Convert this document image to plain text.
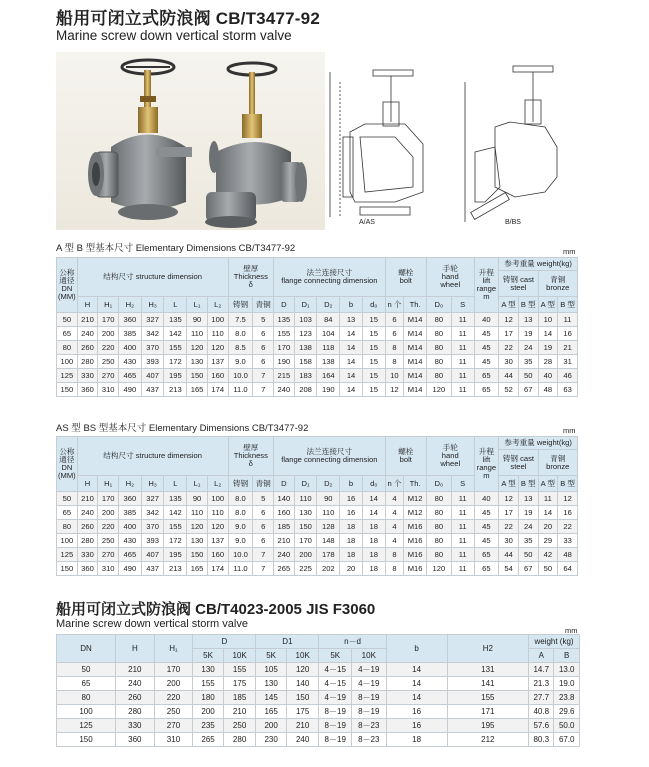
船用可闭立式防浪阀 CB/T3477-92
Marine screw down vertical storm valve
A/AS	B/BS
A 型 B 型基本尺寸 Elementary Dimensions CB/T3477-92	mm
公称
通径
DN
(MM)	结构尺寸 structure dimension							壁厚
Thickness
δ		法兰连接尺寸
flange connecting dimension					螺栓
bolt		手轮
hand
wheel		升程
lift
range
m	参考重量 weight(kg)			
																				铸钢 cast
steel		青铜
bronze	
	H	H₁	H₂	H₃	L	L₁	L₂	铸钢	青铜	D	D₁	D₂	b	d₀	n 个	Th.	D₀	S		A 型	B 型	A 型	B 型
50	210	170	360	327	135	90	100	7.5	5	135	103	84	13	15	6	M14	80	11	40	12	13	10	11
65	240	200	385	342	142	110	110	8.0	6	155	123	104	14	15	6	M14	80	11	45	17	19	14	16
80	260	220	400	370	155	120	120	8.5	6	170	138	118	14	15	8	M14	80	11	45	22	24	19	21
100	280	250	430	393	172	130	137	9.0	6	190	158	138	14	15	8	M14	80	11	45	30	35	28	31
125	330	270	465	407	195	150	160	10.0	7	215	183	164	14	15	10	M14	80	11	65	44	50	40	46
150	360	310	490	437	213	165	174	11.0	7	240	208	190	14	15	12	M14	120	11	65	52	67	48	63
AS 型 BS 型基本尺寸 Elementary Dimensions CB/T3477-92	mm
公称
通径
DN
(MM)	结构尺寸 structure dimension							壁厚
Thickness
δ		法兰连接尺寸
flange connecting dimension					螺栓
bolt		手轮
hand
wheel		升程
lift
range
m	参考重量 weight(kg)			
																				铸钢 cast
steel		青铜
bronze	
	H	H₁	H₂	H₃	L	L₁	L₂	铸钢	青铜	D	D₁	D₂	b	d₀	n 个	Th.	D₀	S		A 型	B 型	A 型	B 型
50	210	170	360	327	135	90	100	8.0	5	140	110	90	16	14	4	M12	80	11	40	12	13	11	12
65	240	200	385	342	142	110	110	8.0	6	160	130	110	16	14	4	M12	80	11	45	17	19	14	16
80	260	220	400	370	155	120	120	9.0	6	185	150	128	18	18	4	M16	80	11	45	22	24	20	22
100	280	250	430	393	172	130	137	9.0	6	210	170	148	18	18	4	M16	80	11	45	30	35	29	33
125	330	270	465	407	195	150	160	10.0	7	240	200	178	18	18	8	M16	80	11	65	44	50	42	48
150	360	310	490	437	213	165	174	11.0	7	265	225	202	20	18	8	M16	120	11	65	54	67	50	64
船用可闭立式防浪阀 CB/T4023-2005 JIS F3060
Marine screw down vertical storm valve
mm
DN	H	H₁	D		D1		n－d		b	H2	weight (kg)	
			5K	10K	5K	10K	5K	10K			A	B
50	210	170	130	155	105	120	4－15	4－19	14	131	14.7	13.0
65	240	200	155	175	130	140	4－15	4－19	14	141	21.3	19.0
80	260	220	180	185	145	150	4－19	8－19	14	155	27.7	23.8
100	280	250	200	210	165	175	8－19	8－19	16	171	40.8	29.6
125	330	270	235	250	200	210	8－19	8－23	16	195	57.6	50.0
150	360	310	265	280	230	240	8－19	8－23	18	212	80.3	67.0
